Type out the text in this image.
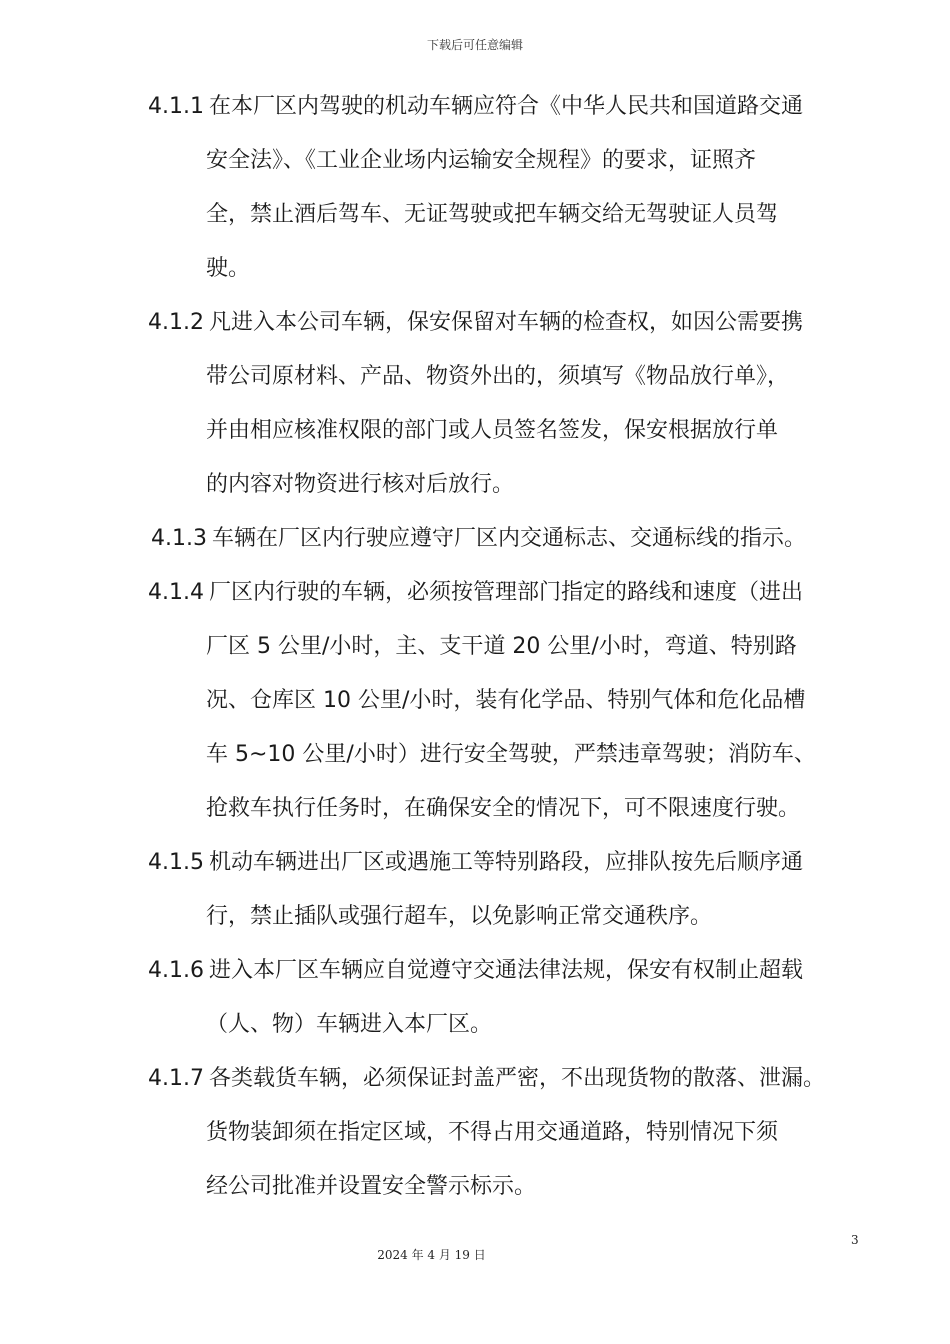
下载后可任意编辑
4.1.1 在本厂区内驾驶的机动车辆应符合《中华人民共和国道路交通
安全法》、《工业企业场内运输安全规程》的要求，证照齐
全，禁止酒后驾车、无证驾驶或把车辆交给无驾驶证人员驾
驶。
4.1.2 凡进入本公司车辆，保安保留对车辆的检查权，如因公需要携
带公司原材料、产品、物资外出的，须填写《物品放行单》，
并由相应核准权限的部门或人员签名签发，保安根据放行单
的内容对物资进行核对后放行。
4.1.3 车辆在厂区内行驶应遵守厂区内交通标志、交通标线的指示。
4.1.4 厂区内行驶的车辆，必须按管理部门指定的路线和速度（进出
厂区 5 公里/小时，主、支干道 20 公里/小时，弯道、特别路
况、仓库区 10 公里/小时，装有化学品、特别气体和危化品槽
车 5~10 公里/小时）进行安全驾驶，严禁违章驾驶；消防车、
抢救车执行任务时，在确保安全的情况下，可不限速度行驶。
4.1.5 机动车辆进出厂区或遇施工等特别路段，应排队按先后顺序通
行，禁止插队或强行超车，以免影响正常交通秩序。
4.1.6 进入本厂区车辆应自觉遵守交通法律法规，保安有权制止超载
（人、物）车辆进入本厂区。
4.1.7 各类载货车辆，必须保证封盖严密，不出现货物的散落、泄漏。
货物装卸须在指定区域，不得占用交通道路，特别情况下须
经公司批准并设置安全警示标示。
3
2024 年 4 月 19 日
